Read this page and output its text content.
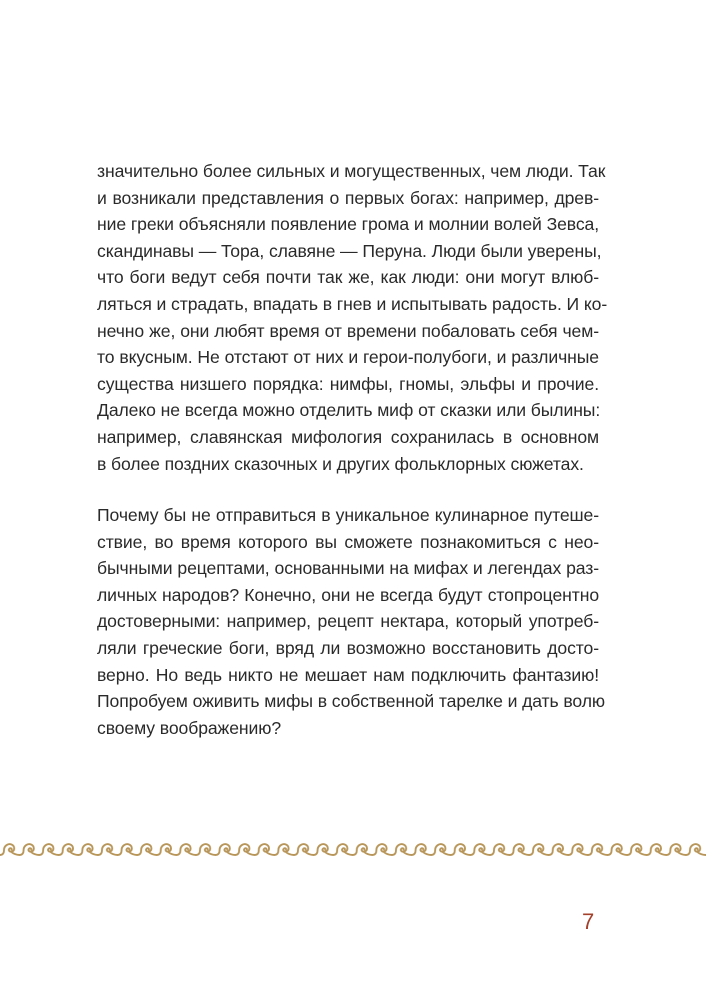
значительно более сильных и могущественных, чем люди. Так
и возникали представления о первых богах: например, древ-
ние греки объясняли появление грома и молнии волей Зевса,
скандинавы — Тора, славяне — Перуна. Люди были уверены,
что боги ведут себя почти так же, как люди: они могут влюб-
ляться и страдать, впадать в гнев и испытывать радость. И ко-
нечно же, они любят время от времени побаловать себя чем-
то вкусным. Не отстают от них и герои-полубоги, и различные
существа низшего порядка: нимфы, гномы, эльфы и прочие.
Далеко не всегда можно отделить миф от сказки или былины:
например, славянская мифология сохранилась в основном
в более поздних сказочных и других фольклорных сюжетах.
Почему бы не отправиться в уникальное кулинарное путеше-
ствие, во время которого вы сможете познакомиться с нео-
бычными рецептами, основанными на мифах и легендах раз-
личных народов? Конечно, они не всегда будут стопроцентно
достоверными: например, рецепт нектара, который употреб-
ляли греческие боги, вряд ли возможно восстановить досто-
верно. Но ведь никто не мешает нам подключить фантазию!
Попробуем оживить мифы в собственной тарелке и дать волю
своему воображению?
7
